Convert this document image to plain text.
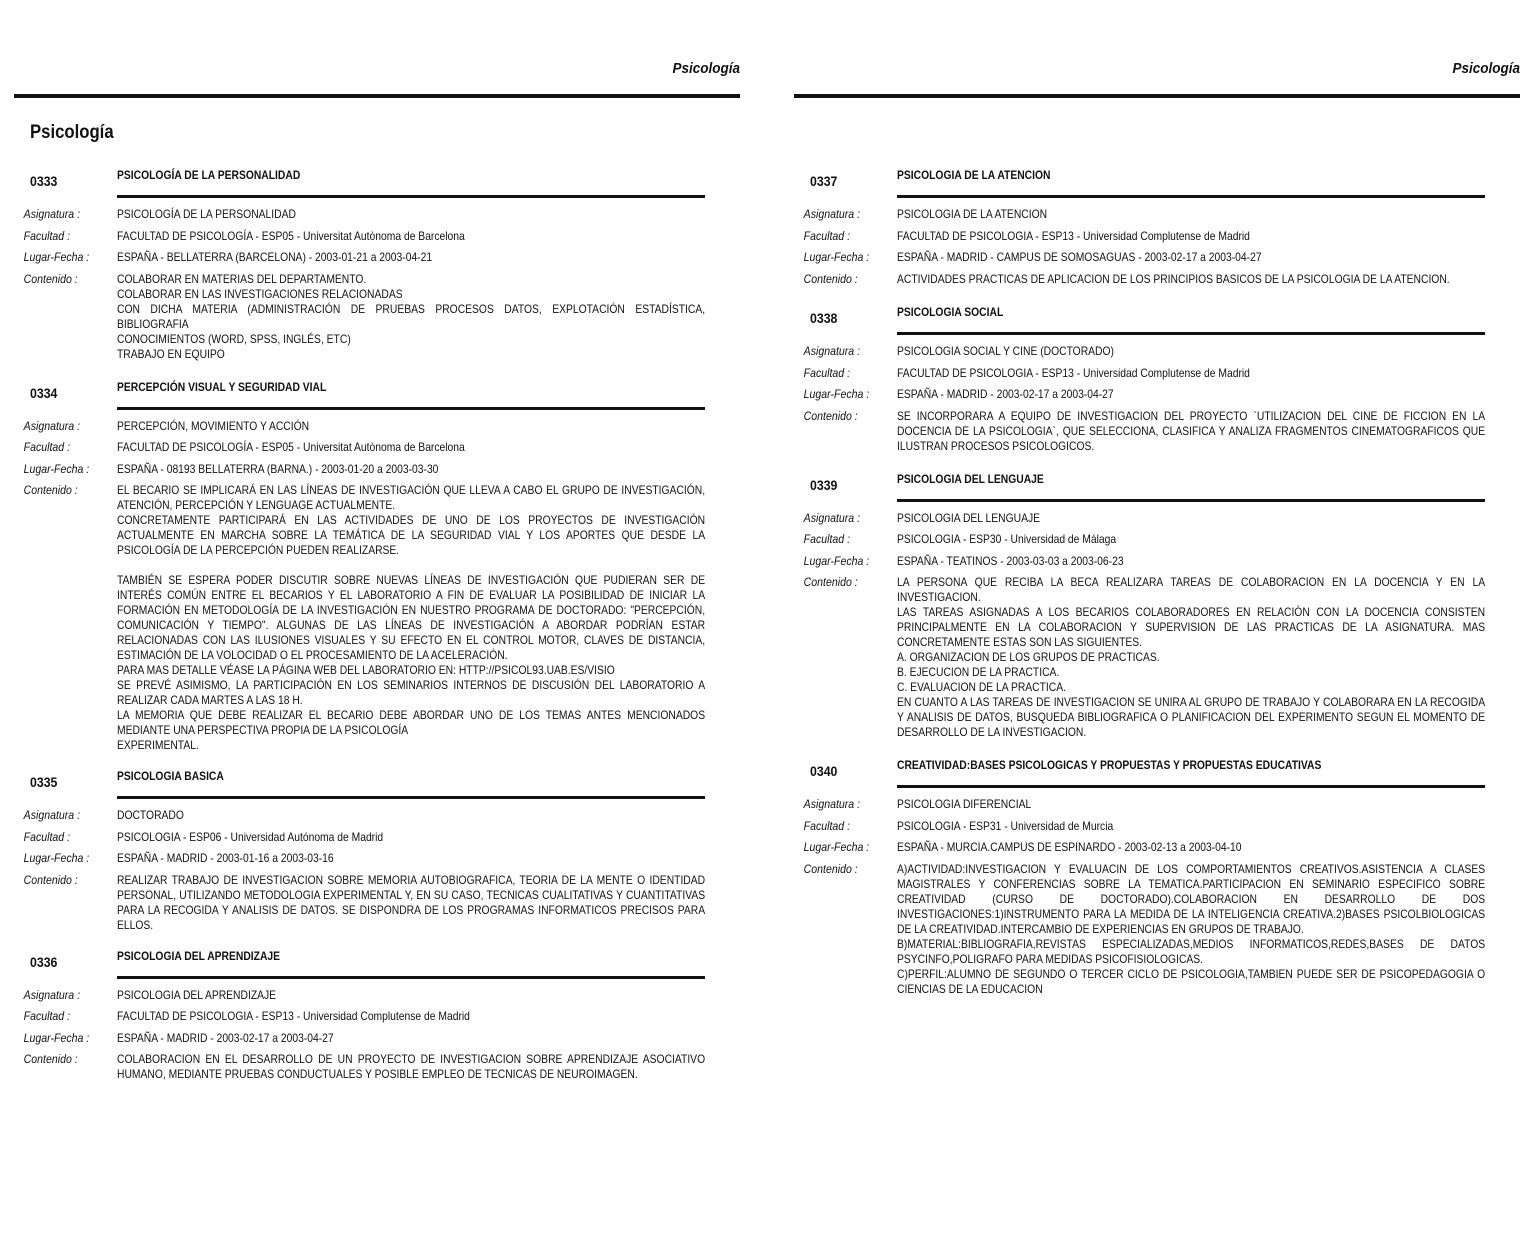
Psicología
Psicología
0333	PSICOLOGÍA DE LA PERSONALIDAD
Asignatura :	PSICOLOGÍA DE LA PERSONALIDAD
Facultad :	FACULTAD DE PSICOLOGÍA - ESP05 - Universitat Autònoma de Barcelona
Lugar-Fecha :	ESPAÑA - BELLATERRA (BARCELONA) - 2003-01-21 a 2003-04-21
Contenido :	COLABORAR EN MATERIAS DEL DEPARTAMENTO.
COLABORAR EN LAS INVESTIGACIONES RELACIONADAS
CON DICHA MATERIA (ADMINISTRACIÓN DE PRUEBAS PROCESOS DATOS, EXPLOTACIÓN ESTADÍSTICA, BIBLIOGRAFIA
CONOCIMIENTOS (WORD, SPSS, INGLÉS, ETC)
TRABAJO EN EQUIPO
0334	PERCEPCIÓN VISUAL Y SEGURIDAD VIAL
Asignatura :	PERCEPCIÓN, MOVIMIENTO Y ACCIÓN
Facultad :	FACULTAD DE PSICOLOGÍA - ESP05 - Universitat Autònoma de Barcelona
Lugar-Fecha :	ESPAÑA - 08193 BELLATERRA (BARNA.) - 2003-01-20 a 2003-03-30
Contenido :	EL BECARIO SE IMPLICARÁ EN LAS LÍNEAS DE INVESTIGACIÓN QUE LLEVA A CABO EL GRUPO DE INVESTIGACIÓN, ATENCIÓN, PERCEPCIÓN Y LENGUAGE ACTUALMENTE.
CONCRETAMENTE PARTICIPARÁ EN LAS ACTIVIDADES DE UNO DE LOS PROYECTOS DE INVESTIGACIÓN ACTUALMENTE EN MARCHA SOBRE LA TEMÁTICA DE LA SEGURIDAD VIAL Y LOS APORTES QUE DESDE LA PSICOLOGÍA DE LA PERCEPCIÓN PUEDEN REALIZARSE.

TAMBIÉN SE ESPERA PODER DISCUTIR SOBRE NUEVAS LÍNEAS DE INVESTIGACIÓN QUE PUDIERAN SER DE INTERÉS COMÚN ENTRE EL BECARIOS Y EL LABORATORIO A FIN DE EVALUAR LA POSIBILIDAD DE INICIAR LA FORMACIÓN EN METODOLOGÍA DE LA INVESTIGACIÓN EN NUESTRO PROGRAMA DE DOCTORADO: "PERCEPCIÓN, COMUNICACIÓN Y TIEMPO". ALGUNAS DE LAS LÍNEAS DE INVESTIGACIÓN A ABORDAR PODRÍAN ESTAR RELACIONADAS CON LAS ILUSIONES VISUALES Y SU EFECTO EN EL CONTROL MOTOR, CLAVES DE DISTANCIA, ESTIMACIÓN DE LA VOLOCIDAD O EL PROCESAMIENTO DE LA ACELERACIÓN.
PARA MAS DETALLE VÉASE LA PÁGINA WEB DEL LABORATORIO EN: HTTP://PSICOL93.UAB.ES/VISIO
SE PREVÉ ASIMISMO, LA PARTICIPACIÓN EN LOS SEMINARIOS INTERNOS DE DISCUSIÓN DEL LABORATORIO A REALIZAR CADA MARTES A LAS 18 H.
LA MEMORIA QUE DEBE REALIZAR EL BECARIO DEBE ABORDAR UNO DE LOS TEMAS ANTES MENCIONADOS MEDIANTE UNA PERSPECTIVA PROPIA DE LA PSICOLOGÍA
EXPERIMENTAL.
0335	PSICOLOGIA BASICA
Asignatura :	DOCTORADO
Facultad :	PSICOLOGIA - ESP06 - Universidad Autónoma de Madrid
Lugar-Fecha :	ESPAÑA - MADRID - 2003-01-16 a 2003-03-16
Contenido :	REALIZAR TRABAJO DE INVESTIGACION SOBRE MEMORIA AUTOBIOGRAFICA, TEORIA DE LA MENTE O IDENTIDAD PERSONAL, UTILIZANDO METODOLOGIA EXPERIMENTAL Y, EN SU CASO, TECNICAS CUALITATIVAS Y CUANTITATIVAS PARA LA RECOGIDA Y ANALISIS DE DATOS. SE DISPONDRA DE LOS PROGRAMAS INFORMATICOS PRECISOS PARA ELLOS.
0336	PSICOLOGIA DEL APRENDIZAJE
Asignatura :	PSICOLOGIA DEL APRENDIZAJE
Facultad :	FACULTAD DE PSICOLOGIA - ESP13 - Universidad Complutense de Madrid
Lugar-Fecha :	ESPAÑA - MADRID - 2003-02-17 a 2003-04-27
Contenido :	COLABORACION EN EL DESARROLLO DE UN PROYECTO DE INVESTIGACION SOBRE APRENDIZAJE ASOCIATIVO HUMANO, MEDIANTE PRUEBAS CONDUCTUALES Y POSIBLE EMPLEO DE TECNICAS DE NEUROIMAGEN.
Psicología
0337	PSICOLOGIA DE LA ATENCION
Asignatura :	PSICOLOGIA DE LA ATENCION
Facultad :	FACULTAD DE PSICOLOGIA - ESP13 - Universidad Complutense de Madrid
Lugar-Fecha :	ESPAÑA - MADRID - CAMPUS DE SOMOSAGUAS - 2003-02-17 a 2003-04-27
Contenido :	ACTIVIDADES PRACTICAS DE APLICACION DE LOS PRINCIPIOS BASICOS DE LA PSICOLOGIA DE LA ATENCION.
0338	PSICOLOGIA SOCIAL
Asignatura :	PSICOLOGIA SOCIAL Y CINE (DOCTORADO)
Facultad :	FACULTAD DE PSICOLOGIA - ESP13 - Universidad Complutense de Madrid
Lugar-Fecha :	ESPAÑA - MADRID - 2003-02-17 a 2003-04-27
Contenido :	SE INCORPORARA A EQUIPO DE INVESTIGACION DEL PROYECTO `UTILIZACION DEL CINE DE FICCION EN LA DOCENCIA DE LA PSICOLOGIA`, QUE SELECCIONA, CLASIFICA Y ANALIZA FRAGMENTOS CINEMATOGRAFICOS QUE ILUSTRAN PROCESOS PSICOLOGICOS.
0339	PSICOLOGIA DEL LENGUAJE
Asignatura :	PSICOLOGIA DEL LENGUAJE
Facultad :	PSICOLOGIA - ESP30 - Universidad de Málaga
Lugar-Fecha :	ESPAÑA - TEATINOS - 2003-03-03 a 2003-06-23
Contenido :	LA PERSONA QUE RECIBA LA BECA REALIZARA TAREAS DE COLABORACION EN LA DOCENCIA Y EN LA INVESTIGACION.
LAS TAREAS ASIGNADAS A LOS BECARIOS COLABORADORES EN RELACIÓN CON LA DOCENCIA CONSISTEN PRINCIPALMENTE EN LA COLABORACION Y SUPERVISION DE LAS PRACTICAS DE LA ASIGNATURA. MAS CONCRETAMENTE ESTAS SON LAS SIGUIENTES.
A. ORGANIZACION DE LOS GRUPOS DE PRACTICAS.
B. EJECUCION DE LA PRACTICA.
C. EVALUACION DE LA PRACTICA.
EN CUANTO A LAS TAREAS DE INVESTIGACION SE UNIRA AL GRUPO DE TRABAJO Y COLABORARA EN LA RECOGIDA Y ANALISIS DE DATOS, BUSQUEDA BIBLIOGRAFICA O PLANIFICACION DEL EXPERIMENTO SEGUN EL MOMENTO DE DESARROLLO DE LA INVESTIGACION.
0340	CREATIVIDAD:BASES PSICOLOGICAS Y PROPUESTAS Y PROPUESTAS EDUCATIVAS
Asignatura :	PSICOLOGIA DIFERENCIAL
Facultad :	PSICOLOGIA - ESP31 - Universidad de Murcia
Lugar-Fecha :	ESPAÑA - MURCIA.CAMPUS DE ESPINARDO - 2003-02-13 a 2003-04-10
Contenido :	A)ACTIVIDAD:INVESTIGACION Y EVALUACIN DE LOS COMPORTAMIENTOS CREATIVOS.ASISTENCIA A CLASES MAGISTRALES Y CONFERENCIAS SOBRE LA TEMATICA.PARTICIPACION EN SEMINARIO ESPECIFICO SOBRE CREATIVIDAD (CURSO DE DOCTORADO).COLABORACION EN DESARROLLO DE DOS INVESTIGACIONES:1)INSTRUMENTO PARA LA MEDIDA DE LA INTELIGENCIA CREATIVA.2)BASES PSICOLBIOLOGICAS DE LA CREATIVIDAD.INTERCAMBIO DE EXPERIENCIAS EN GRUPOS DE TRABAJO.
B)MATERIAL:BIBLIOGRAFIA,REVISTAS ESPECIALIZADAS,MEDIOS INFORMATICOS,REDES,BASES DE DATOS PSYCINFO,POLIGRAFO PARA MEDIDAS PSICOFISIOLOGICAS.
C)PERFIL:ALUMNO DE SEGUNDO O TERCER CICLO DE PSICOLOGIA,TAMBIEN PUEDE SER DE PSICOPEDAGOGIA O CIENCIAS DE LA EDUCACION
